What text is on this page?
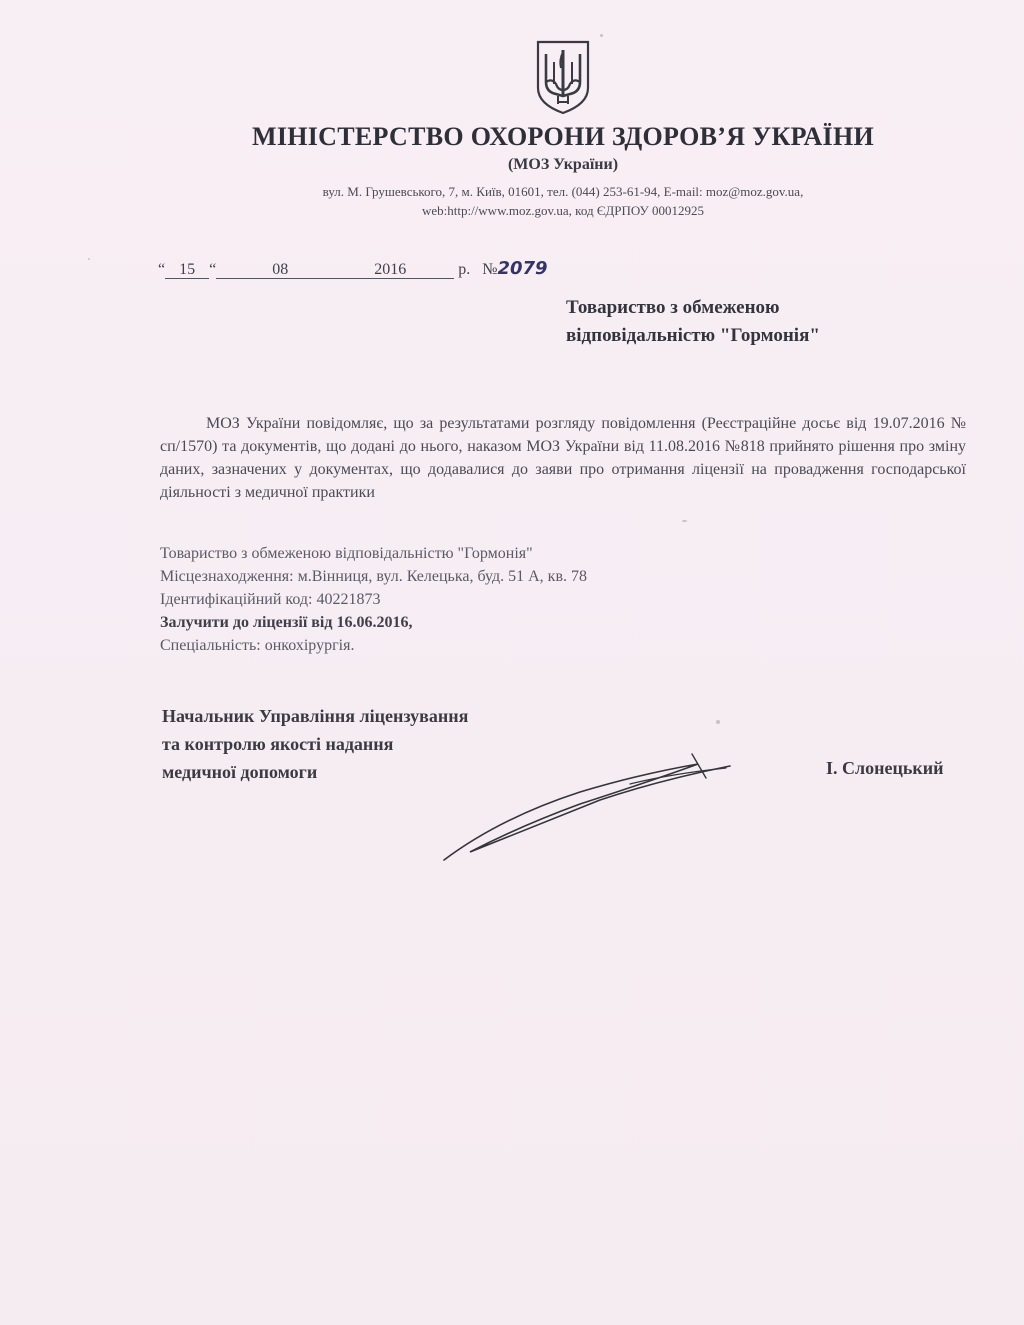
МІНІСТЕРСТВО ОХОРОНИ ЗДОРОВ’Я УКРАЇНИ
(МОЗ України)
вул. М. Грушевського, 7, м. Київ, 01601, тел. (044) 253-61-94, E-mail: moz@moz.gov.ua,
web:http://www.moz.gov.ua, код ЄДРПОУ 00012925
“ 15 “	08	2016	р. №2079
Товариство з обмеженою
відповідальністю "Гормонія"
МОЗ України повідомляє, що за результатами розгляду повідомлення (Реєстраційне досьє від 19.07.2016 № сп/1570) та документів, що додані до нього, наказом МОЗ України від 11.08.2016 №818 прийнято рішення про зміну даних, зазначених у документах, що додавалися до заяви про отримання ліцензії на провадження господарської діяльності з медичної практики
Товариство з обмеженою відповідальністю "Гормонія"
Місцезнаходження: м.Вінниця, вул. Келецька, буд. 51 А, кв. 78
Ідентифікаційний код: 40221873
Залучити до ліцензії від 16.06.2016,
Спеціальність: онкохірургія.
Начальник Управління ліцензування
та контролю якості надання
медичної допомоги	І. Слонецький
